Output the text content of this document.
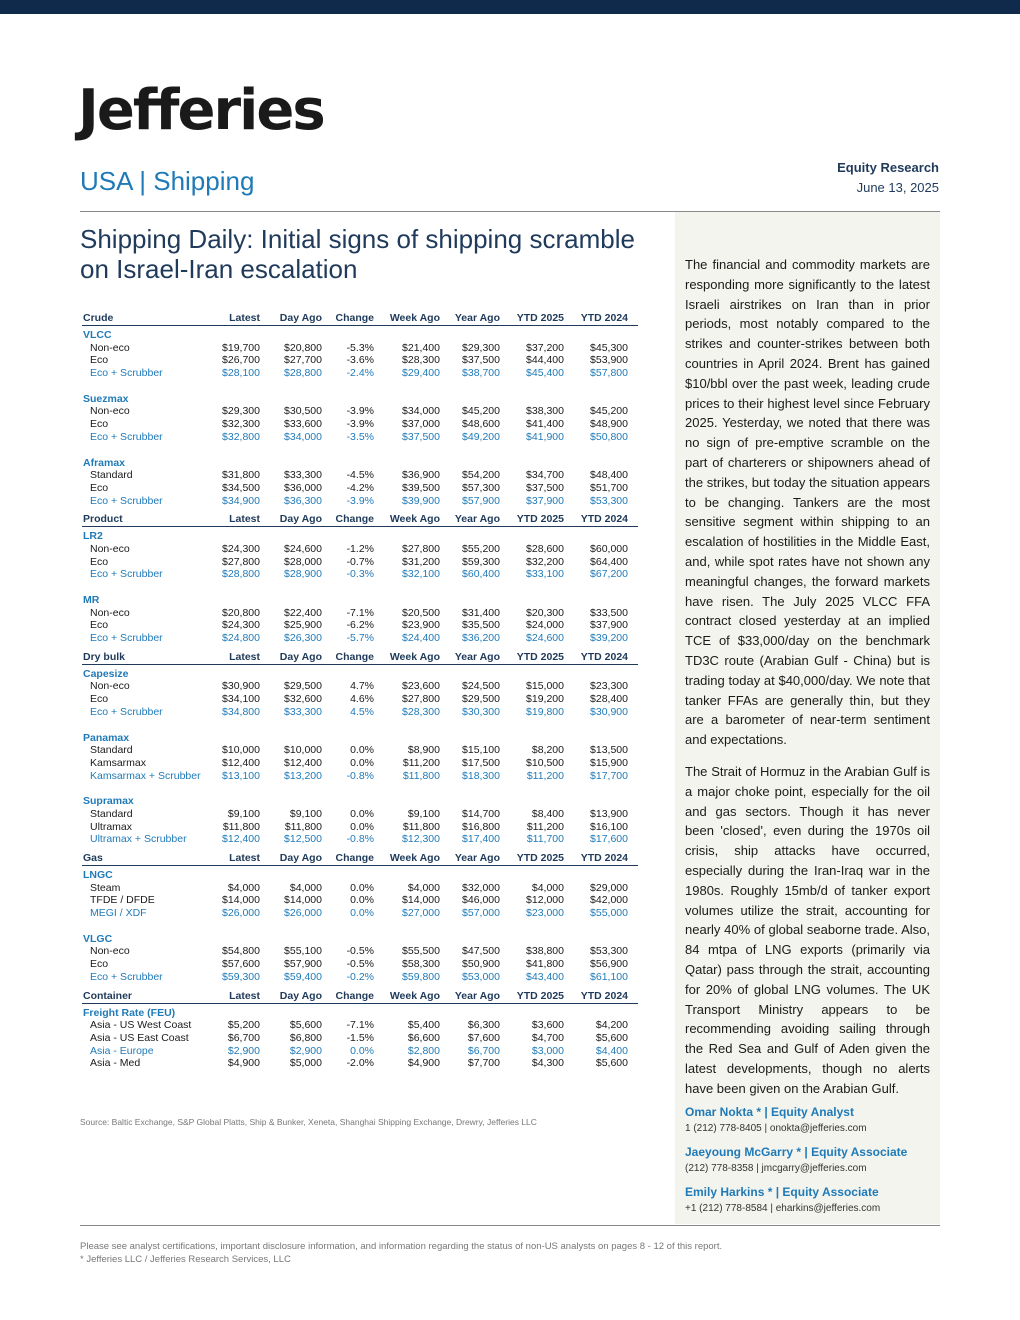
Jefferies
USA | Shipping	Equity Research
June 13, 2025
Shipping Daily: Initial signs of shipping scramble on Israel-Iran escalation	The financial and commodity markets are responding more significantly to the latest Israeli airstrikes on Iran than in prior periods, most notably compared to the strikes and counter-strikes between both countries in April 2024. Brent has gained $10/bbl over the past week, leading crude prices to their highest level since February 2025. Yesterday, we noted that there was no sign of pre-emptive scramble on the part of charterers or shipowners ahead of the strikes, but today the situation appears to be changing. Tankers are the most sensitive segment within shipping to an escalation of hostilities in the Middle East, and, while spot rates have not shown any meaningful changes, the forward markets have risen. The July 2025 VLCC FFA contract closed yesterday at an implied TCE of $33,000/day on the benchmark TD3C route (Arabian Gulf - China) but is trading today at $40,000/day. We note that tanker FFAs are generally thin, but they are a barometer of near-term sentiment and expectations.
The Strait of Hormuz in the Arabian Gulf is a major choke point, especially for the oil and gas sectors. Though it has never been 'closed', even during the 1970s oil crisis, ship attacks have occurred, especially during the Iran-Iraq war in the 1980s. Roughly 15mb/d of tanker export volumes utilize the strait, accounting for nearly 40% of global seaborne trade. Also, 84 mtpa of LNG exports (primarily via Qatar) pass through the strait, accounting for 20% of global LNG volumes. The UK Transport Ministry appears to be recommending avoiding sailing through the Red Sea and Gulf of Aden given the latest developments, though no alerts have been given on the Arabian Gulf.
Omar Nokta * | Equity Analyst
1 (212) 778-8405 | onokta@jefferies.com
Jaeyoung McGarry * | Equity Associate
(212) 778-8358 | jmcgarry@jefferies.com
Emily Harkins * | Equity Associate
+1 (212) 778-8584 | eharkins@jefferies.com
Crude	Latest	Day Ago	Change	Week Ago	Year Ago	YTD 2025	YTD 2024
VLCC
Non-eco	$19,700	$20,800	-5.3%	$21,400	$29,300	$37,200	$45,300
Eco	$26,700	$27,700	-3.6%	$28,300	$37,500	$44,400	$53,900
Eco + Scrubber	$28,100	$28,800	-2.4%	$29,400	$38,700	$45,400	$57,800
Suezmax
Non-eco	$29,300	$30,500	-3.9%	$34,000	$45,200	$38,300	$45,200
Eco	$32,300	$33,600	-3.9%	$37,000	$48,600	$41,400	$48,900
Eco + Scrubber	$32,800	$34,000	-3.5%	$37,500	$49,200	$41,900	$50,800
Aframax
Standard	$31,800	$33,300	-4.5%	$36,900	$54,200	$34,700	$48,400
Eco	$34,500	$36,000	-4.2%	$39,500	$57,300	$37,500	$51,700
Eco + Scrubber	$34,900	$36,300	-3.9%	$39,900	$57,900	$37,900	$53,300
Product	Latest	Day Ago	Change	Week Ago	Year Ago	YTD 2025	YTD 2024
LR2
Non-eco	$24,300	$24,600	-1.2%	$27,800	$55,200	$28,600	$60,000
Eco	$27,800	$28,000	-0.7%	$31,200	$59,300	$32,200	$64,400
Eco + Scrubber	$28,800	$28,900	-0.3%	$32,100	$60,400	$33,100	$67,200
MR
Non-eco	$20,800	$22,400	-7.1%	$20,500	$31,400	$20,300	$33,500
Eco	$24,300	$25,900	-6.2%	$23,900	$35,500	$24,000	$37,900
Eco + Scrubber	$24,800	$26,300	-5.7%	$24,400	$36,200	$24,600	$39,200
Dry bulk	Latest	Day Ago	Change	Week Ago	Year Ago	YTD 2025	YTD 2024
Capesize
Non-eco	$30,900	$29,500	4.7%	$23,600	$24,500	$15,000	$23,300
Eco	$34,100	$32,600	4.6%	$27,800	$29,500	$19,200	$28,400
Eco + Scrubber	$34,800	$33,300	4.5%	$28,300	$30,300	$19,800	$30,900
Panamax
Standard	$10,000	$10,000	0.0%	$8,900	$15,100	$8,200	$13,500
Kamsarmax	$12,400	$12,400	0.0%	$11,200	$17,500	$10,500	$15,900
Kamsarmax + Scrubber	$13,100	$13,200	-0.8%	$11,800	$18,300	$11,200	$17,700
Supramax
Standard	$9,100	$9,100	0.0%	$9,100	$14,700	$8,400	$13,900
Ultramax	$11,800	$11,800	0.0%	$11,800	$16,800	$11,200	$16,100
Ultramax + Scrubber	$12,400	$12,500	-0.8%	$12,300	$17,400	$11,700	$17,600
Gas	Latest	Day Ago	Change	Week Ago	Year Ago	YTD 2025	YTD 2024
LNGC
Steam	$4,000	$4,000	0.0%	$4,000	$32,000	$4,000	$29,000
TFDE / DFDE	$14,000	$14,000	0.0%	$14,000	$46,000	$12,000	$42,000
MEGI / XDF	$26,000	$26,000	0.0%	$27,000	$57,000	$23,000	$55,000
VLGC
Non-eco	$54,800	$55,100	-0.5%	$55,500	$47,500	$38,800	$53,300
Eco	$57,600	$57,900	-0.5%	$58,300	$50,900	$41,800	$56,900
Eco + Scrubber	$59,300	$59,400	-0.2%	$59,800	$53,000	$43,400	$61,100
Container	Latest	Day Ago	Change	Week Ago	Year Ago	YTD 2025	YTD 2024
Freight Rate (FEU)
Asia - US West Coast	$5,200	$5,600	-7.1%	$5,400	$6,300	$3,600	$4,200
Asia - US East Coast	$6,700	$6,800	-1.5%	$6,600	$7,600	$4,700	$5,600
Asia - Europe	$2,900	$2,900	0.0%	$2,800	$6,700	$3,000	$4,400
Asia - Med	$4,900	$5,000	-2.0%	$4,900	$7,700	$4,300	$5,600
Source: Baltic Exchange, S&P Global Platts, Ship & Bunker, Xeneta, Shanghai Shipping Exchange, Drewry, Jefferies LLC
Please see analyst certifications, important disclosure information, and information regarding the status of non-US analysts on pages 8 - 12 of this report.
* Jefferies LLC / Jefferies Research Services, LLC
